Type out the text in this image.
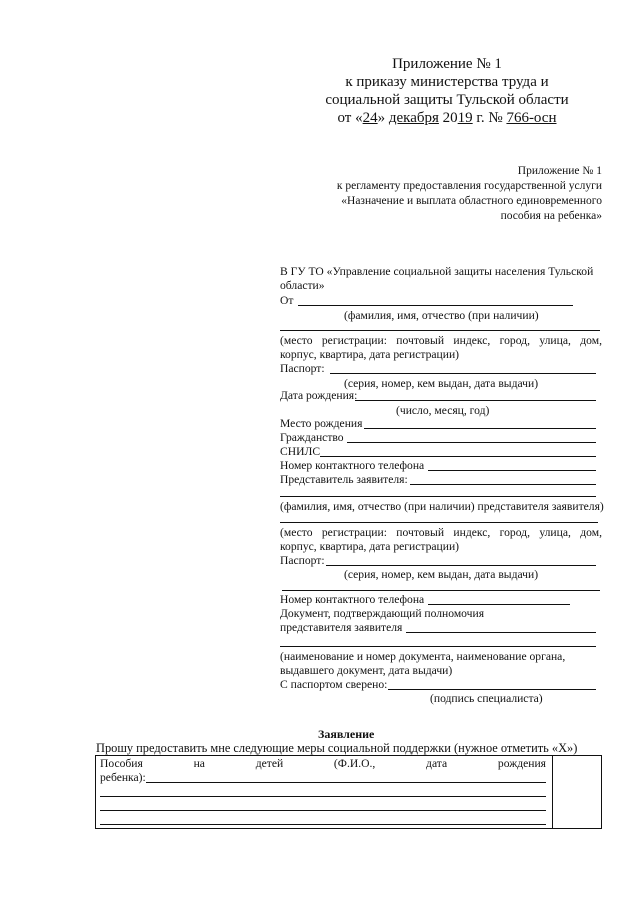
Приложение № 1
к приказу министерства труда и
социальной защиты Тульской области
от «24» декабря 2019 г. № 766-осн
Приложение № 1
к регламенту предоставления государственной услуги
«Назначение и выплата областного единовременного
пособия на ребенка»
В ГУ ТО «Управление социальной защиты населения Тульской
области»
От
(фамилия, имя, отчество (при наличии)
(место регистрации: почтовый индекс, город, улица, дом,
корпус, квартира, дата регистрации)
Паспорт:
(серия, номер, кем выдан, дата выдачи)
Дата рождения:
(число, месяц, год)
Место рождения
Гражданство
СНИЛС
Номер контактного телефона
Представитель заявителя:
(фамилия, имя, отчество (при наличии) представителя заявителя)
(место регистрации: почтовый индекс, город, улица, дом,
корпус, квартира, дата регистрации)
Паспорт:
(серия, номер, кем выдан, дата выдачи)
Номер контактного телефона
Документ, подтверждающий полномочия
представителя заявителя
(наименование и номер документа, наименование органа,
выдавшего документ, дата выдачи)
С паспортом сверено:
(подпись специалиста)
Заявление
Прошу предоставить мне следующие меры социальной поддержки (нужное отметить «Х»)
Пособия на детей (Ф.И.О., дата рождения
ребенка):
